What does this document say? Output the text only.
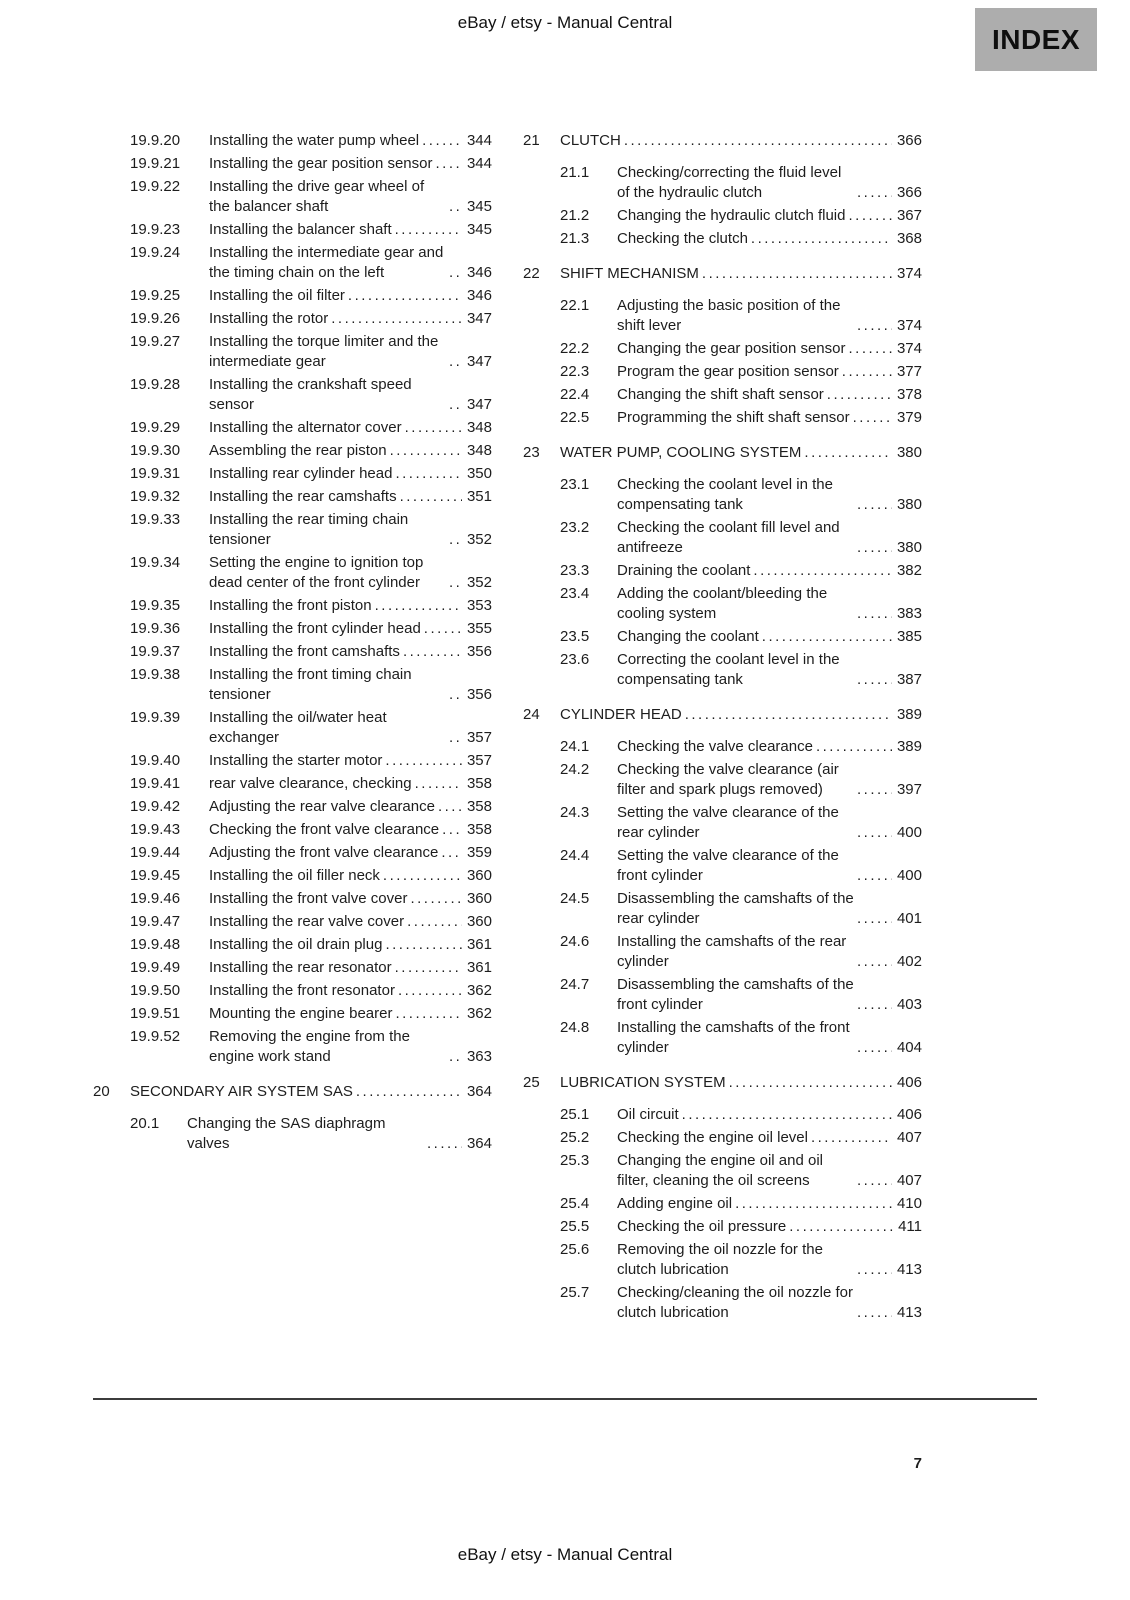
eBay / etsy - Manual Central
INDEX
19.9.20	Installing the water pump wheel .....	344
19.9.21	Installing the gear position sensor ..... 344
19.9.22	Installing the drive gear wheel of the balancer shaft .....	345
19.9.23	Installing the balancer shaft .....	345
19.9.24	Installing the intermediate gear and the timing chain on the left .....	346
19.9.25	Installing the oil filter .....	346
19.9.26	Installing the rotor .....	347
19.9.27	Installing the torque limiter and the intermediate gear .....	347
19.9.28	Installing the crankshaft speed sensor .....	347
19.9.29	Installing the alternator cover .....	348
19.9.30	Assembling the rear piston .....	348
19.9.31	Installing rear cylinder head .....	350
19.9.32	Installing the rear camshafts .....	351
19.9.33	Installing the rear timing chain tensioner .....	352
19.9.34	Setting the engine to ignition top dead center of the front cylinder .....	352
19.9.35	Installing the front piston .....	353
19.9.36	Installing the front cylinder head .....	355
19.9.37	Installing the front camshafts .....	356
19.9.38	Installing the front timing chain tensioner .....	356
19.9.39	Installing the oil/water heat exchanger .....	357
19.9.40	Installing the starter motor .....	357
19.9.41	rear valve clearance, checking .....	358
19.9.42	Adjusting the rear valve clearance ..... 358
19.9.43	Checking the front valve clearance ..... 358
19.9.44	Adjusting the front valve clearance ..... 359
19.9.45	Installing the oil filler neck .....	360
19.9.46	Installing the front valve cover .....	360
19.9.47	Installing the rear valve cover .....	360
19.9.48	Installing the oil drain plug .....	361
19.9.49	Installing the rear resonator .....	361
19.9.50	Installing the front resonator .....	362
19.9.51	Mounting the engine bearer .....	362
19.9.52	Removing the engine from the engine work stand .....	363
20	SECONDARY AIR SYSTEM SAS .....	364
20.1	Changing the SAS diaphragm valves .....	364
21	CLUTCH .....	366
21.1	Checking/correcting the fluid level of the hydraulic clutch .....	366
21.2	Changing the hydraulic clutch fluid .....	367
21.3	Checking the clutch .....	368
22	SHIFT MECHANISM .....	374
22.1	Adjusting the basic position of the shift lever .....	374
22.2	Changing the gear position sensor .....	374
22.3	Program the gear position sensor .....	377
22.4	Changing the shift shaft sensor .....	378
22.5	Programming the shift shaft sensor .....	379
23	WATER PUMP, COOLING SYSTEM .....	380
23.1	Checking the coolant level in the compensating tank .....	380
23.2	Checking the coolant fill level and antifreeze .....	380
23.3	Draining the coolant .....	382
23.4	Adding the coolant/bleeding the cooling system .....	383
23.5	Changing the coolant .....	385
23.6	Correcting the coolant level in the compensating tank .....	387
24	CYLINDER HEAD .....	389
24.1	Checking the valve clearance .....	389
24.2	Checking the valve clearance (air filter and spark plugs removed) .....	397
24.3	Setting the valve clearance of the rear cylinder .....	400
24.4	Setting the valve clearance of the front cylinder .....	400
24.5	Disassembling the camshafts of the rear cylinder .....	401
24.6	Installing the camshafts of the rear cylinder .....	402
24.7	Disassembling the camshafts of the front cylinder .....	403
24.8	Installing the camshafts of the front cylinder .....	404
25	LUBRICATION SYSTEM .....	406
25.1	Oil circuit .....	406
25.2	Checking the engine oil level .....	407
25.3	Changing the engine oil and oil filter, cleaning the oil screens .....	407
25.4	Adding engine oil .....	410
25.5	Checking the oil pressure .....	411
25.6	Removing the oil nozzle for the clutch lubrication .....	413
25.7	Checking/cleaning the oil nozzle for clutch lubrication .....	413
7
eBay / etsy - Manual Central
